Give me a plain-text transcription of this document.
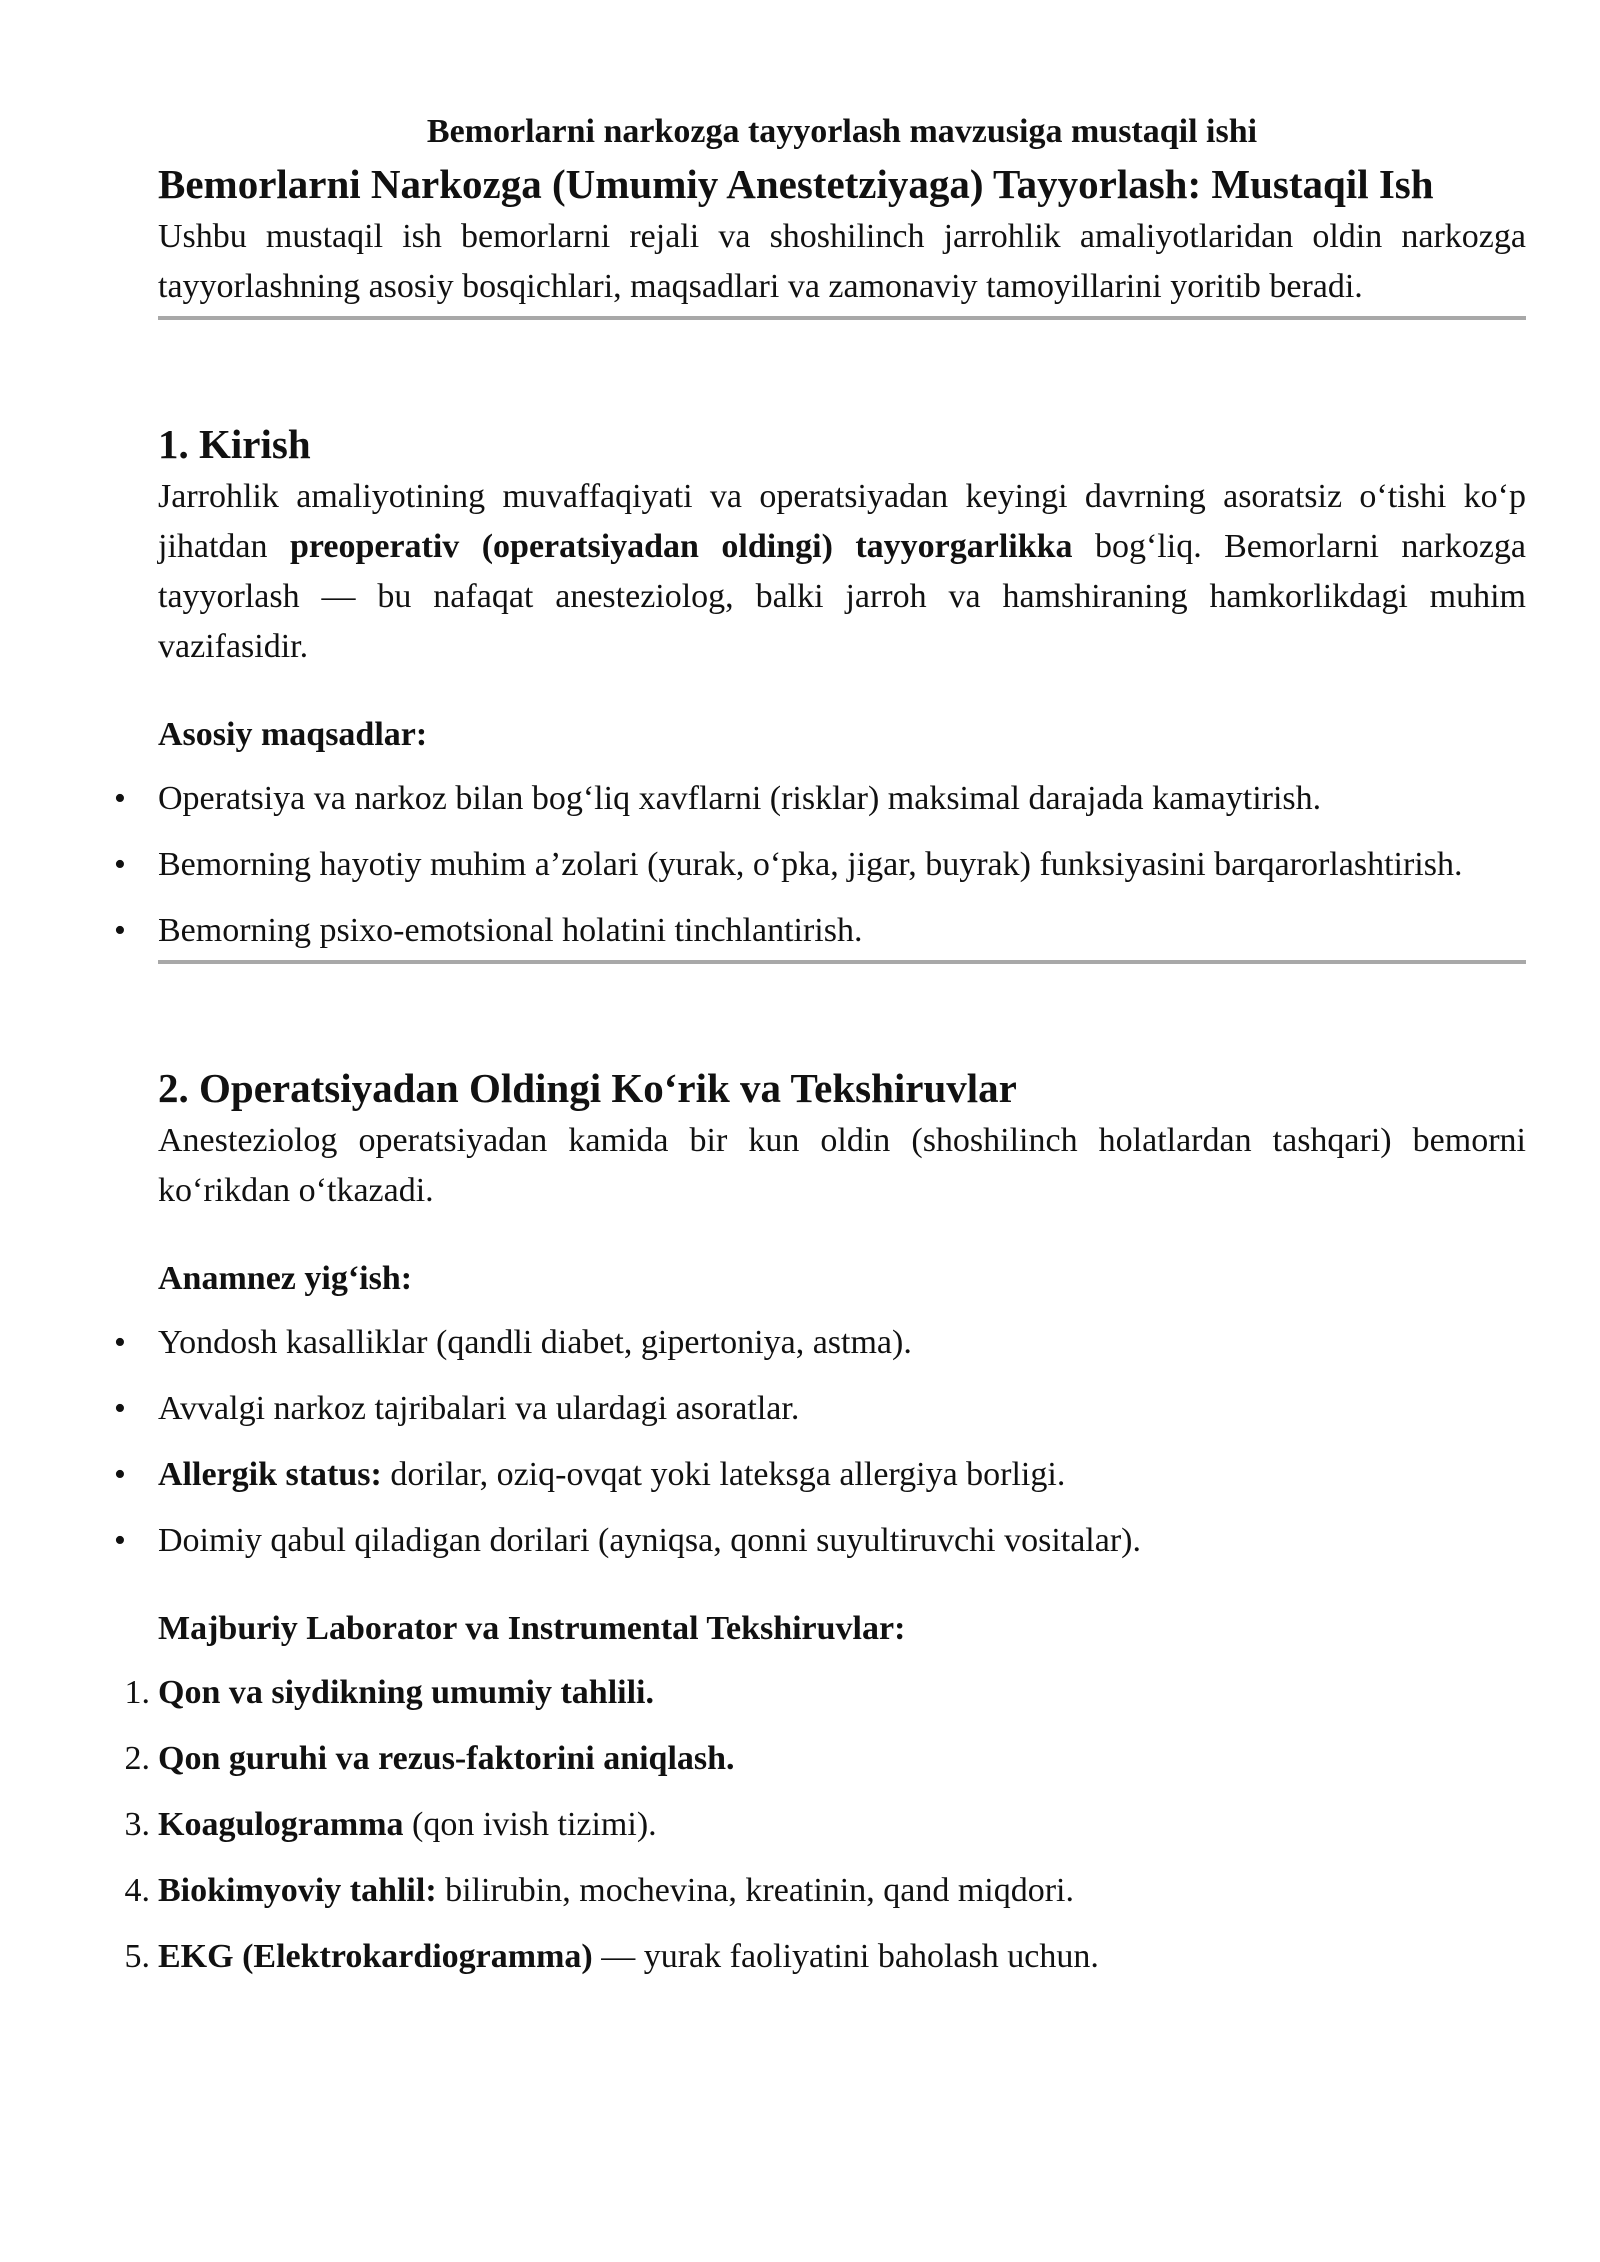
Bemorlarni narkozga tayyorlash mavzusiga mustaqil ishi

Bemorlarni Narkozga (Umumiy Anestetziyaga) Tayyorlash: Mustaqil Ish

Ushbu mustaqil ish bemorlarni rejali va shoshilinch jarrohlik amaliyotlaridan oldin narkozga tayyorlashning asosiy bosqichlari, maqsadlari va zamonaviy tamoyillarini yoritib beradi.

1. Kirish

Jarrohlik amaliyotining muvaffaqiyati va operatsiyadan keyingi davrning asoratsiz o‘tishi ko‘p jihatdan preoperativ (operatsiyadan oldingi) tayyorgarlikka bog‘liq. Bemorlarni narkozga tayyorlash — bu nafaqat anesteziolog, balki jarroh va hamshiraning hamkorlikdagi muhim vazifasidir.

Asosiy maqsadlar:

• Operatsiya va narkoz bilan bog‘liq xavflarni (risklar) maksimal darajada kamaytirish.
• Bemorning hayotiy muhim a’zolari (yurak, o‘pka, jigar, buyrak) funksiyasini barqarorlashtirish.
• Bemorning psixo-emotsional holatini tinchlantirish.

2. Operatsiyadan Oldingi Ko‘rik va Tekshiruvlar

Anesteziolog operatsiyadan kamida bir kun oldin (shoshilinch holatlardan tashqari) bemorni ko‘rikdan o‘tkazadi.

Anamnez yig‘ish:

• Yondosh kasalliklar (qandli diabet, gipertoniya, astma).
• Avvalgi narkoz tajribalari va ulardagi asoratlar.
• Allergik status: dorilar, oziq-ovqat yoki lateksga allergiya borligi.
• Doimiy qabul qiladigan dorilari (ayniqsa, qonni suyultiruvchi vositalar).

Majburiy Laborator va Instrumental Tekshiruvlar:

1. Qon va siydikning umumiy tahlili.
2. Qon guruhi va rezus-faktorini aniqlash.
3. Koagulogramma (qon ivish tizimi).
4. Biokimyoviy tahlil: bilirubin, mochevina, kreatinin, qand miqdori.
5. EKG (Elektrokardiogramma) — yurak faoliyatini baholash uchun.
